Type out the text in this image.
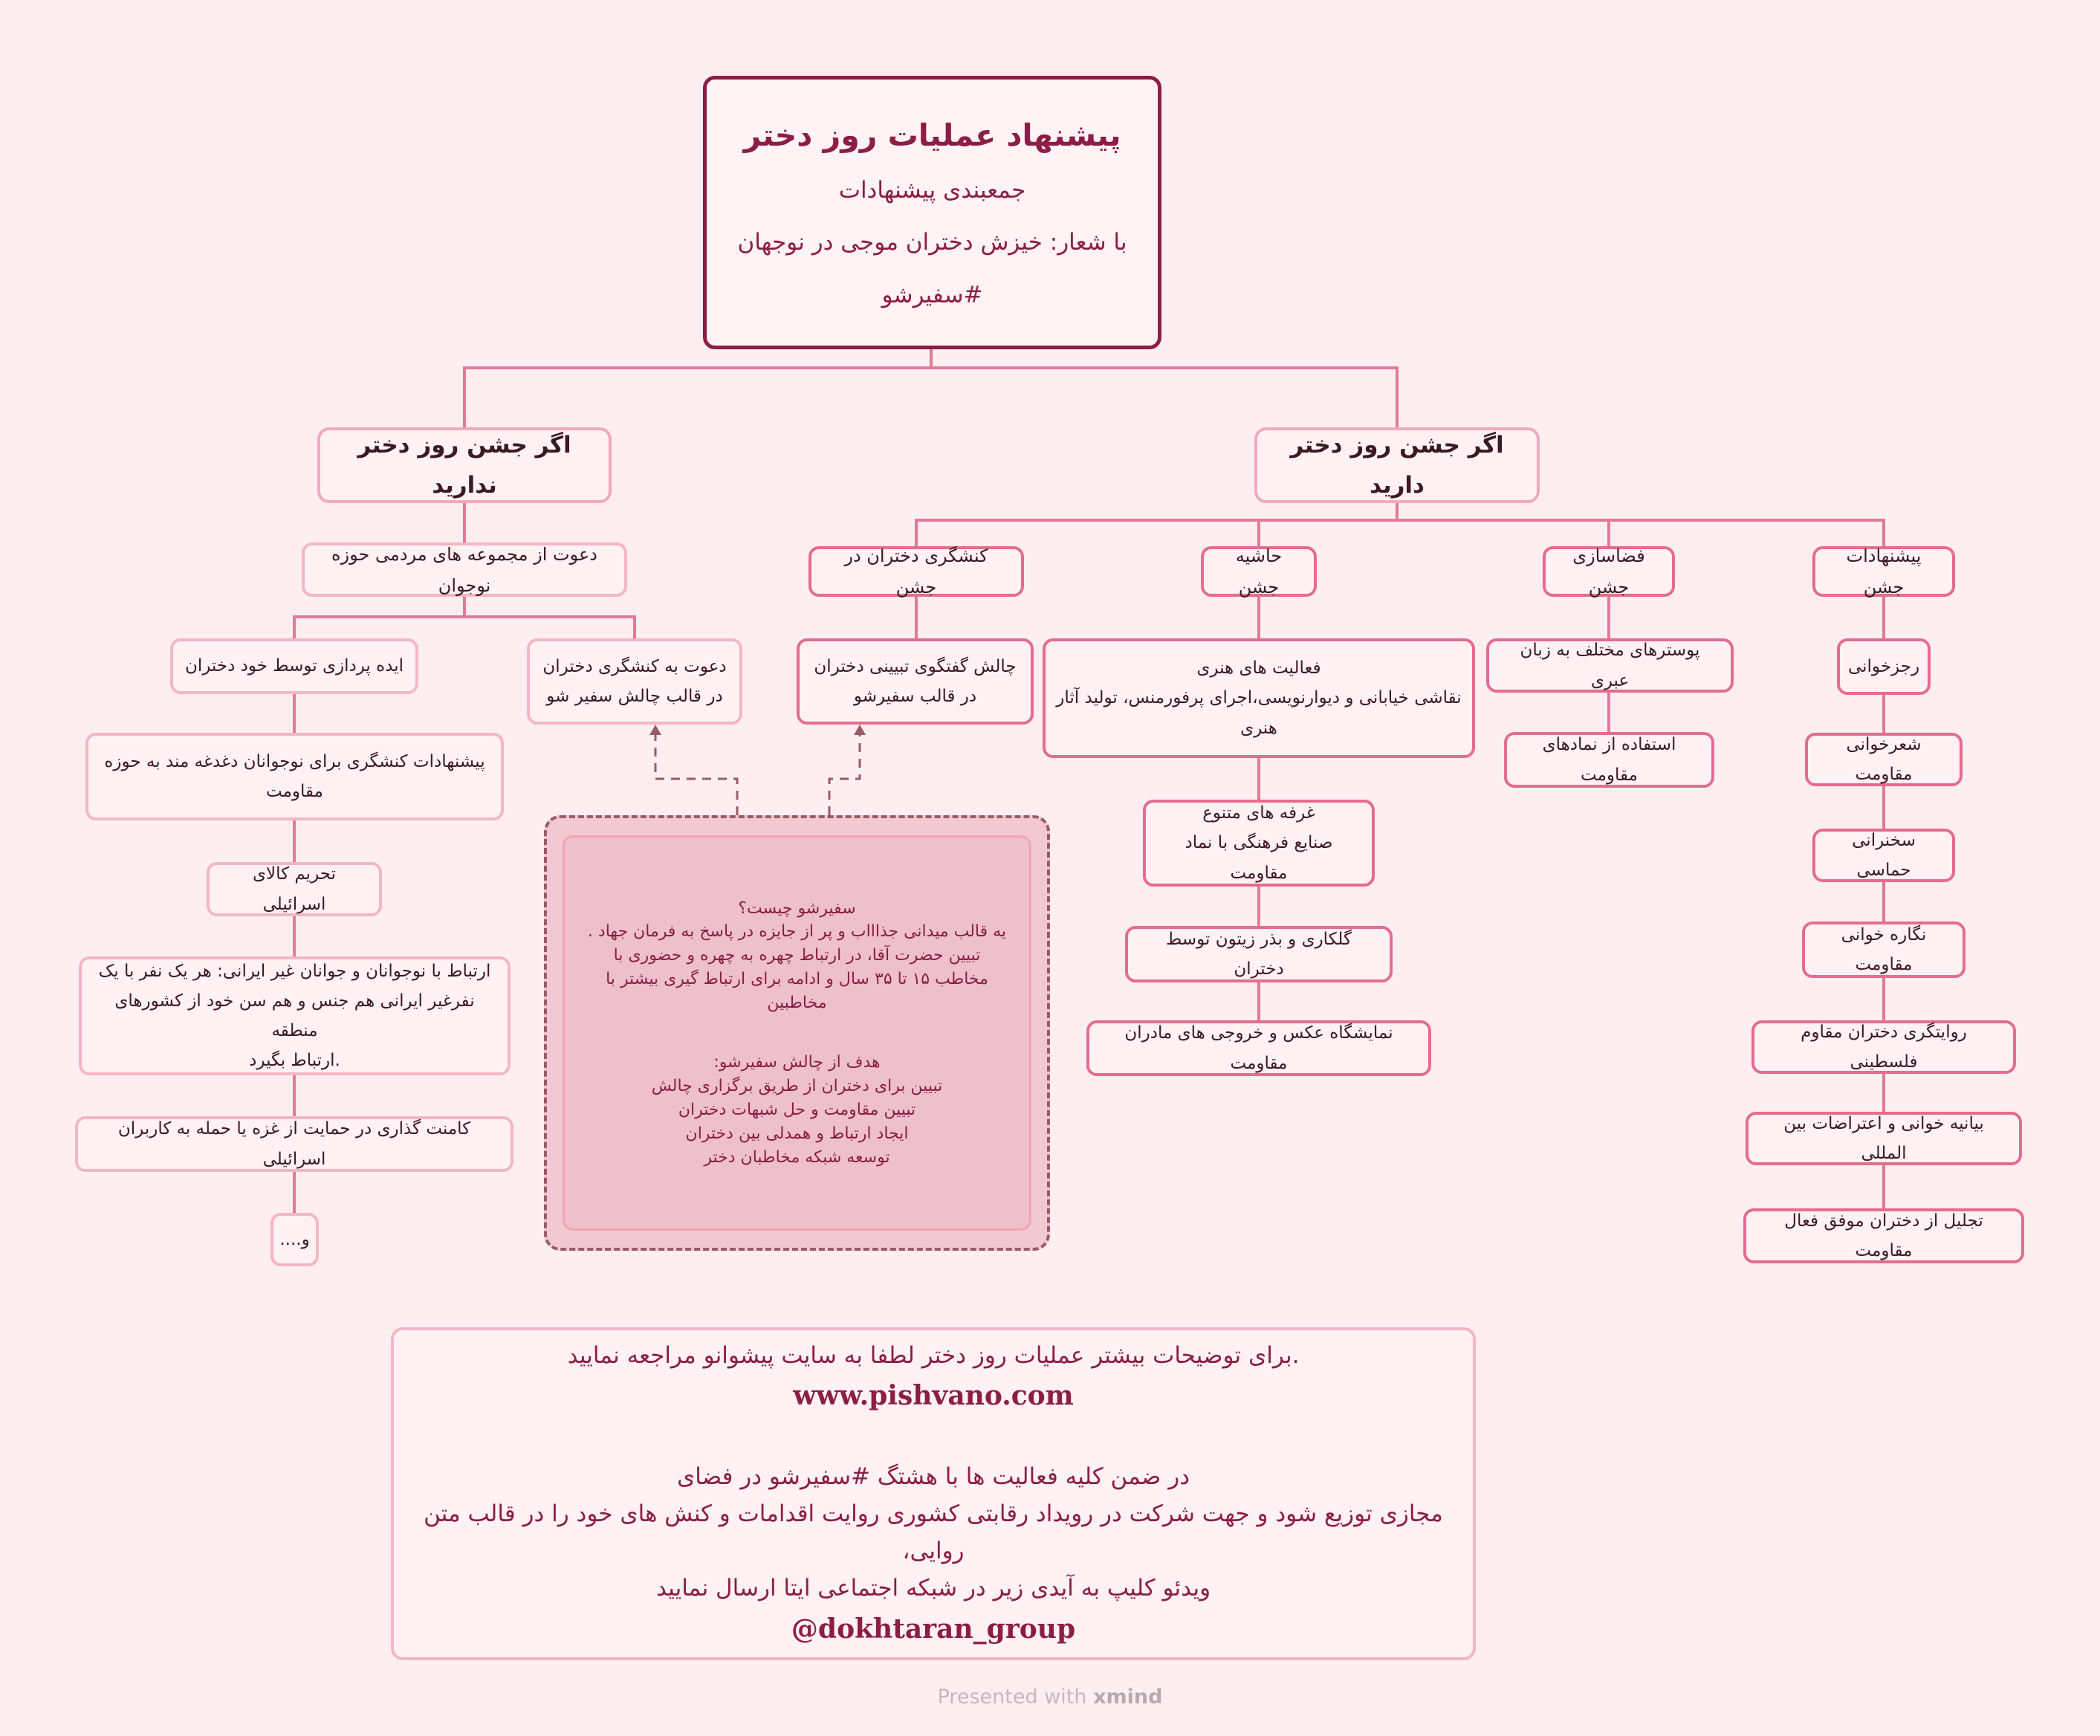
پیشنهاد عملیات روز دختر
جمعبندی پیشنهادات
با شعار: خیزش دختران موجی در نوجهان
#سفیرشو
اگر جشن روز دختر دارید
اگر جشن روز دختر ندارید
پیشنهادات جشن
فضاسازی جشن
حاشیه جشن
کنشگری دختران در جشن
رجزخوانی
شعرخوانی مقاومت
سخنرانی حماسی
نگاره خوانی مقاومت
روایتگری دختران مقاوم فلسطینی
بیانیه خوانی و اعتراضات بین المللی
تجلیل از دختران موفق فعال مقاومت
پوسترهای مختلف به زبان عبری
استفاده از نمادهای مقاومت
فعالیت های هنری
نقاشی خیابانی و دیوارنویسی،اجرای پرفورمنس، تولید آثار
هنری
غرفه های متنوع
صنایع فرهنگی با نماد مقاومت
گلکاری و بذر زیتون توسط دختران
نمایشگاه عکس و خروجی های مادران مقاومت
چالش گفتگوی تبیینی دختران
در قالب سفیرشو
دعوت از مجموعه های مردمی حوزه نوجوان
دعوت به کنشگری دختران
در قالب چالش سفیر شو
ایده پردازی توسط خود دختران
پیشنهادات کنشگری برای نوجوانان دغدغه مند به حوزه
مقاومت
تحریم کالای اسرائیلی
ارتباط با نوجوانان و جوانان غیر ایرانی: هر یک نفر با یک
نفرغیر ایرانی هم جنس و هم سن خود از کشورهای منطقه
.ارتباط بگیرد
کامنت گذاری در حمایت از غزه یا حمله به کاربران اسرائیلی
و....
سفیرشو چیست؟
یه قالب میدانی جذاااب و پر از جایزه در پاسخ به فرمان جهاد .
تبیین حضرت آقا، در ارتباط چهره به چهره و حضوری با
مخاطب ۱۵ تا ۳۵ سال و ادامه برای ارتباط گیری بیشتر با
مخاطبین
هدف از چالش سفیرشو:
تبیین برای دختران از طریق برگزاری چالش
تبیین مقاومت و حل شبهات دختران
ایجاد ارتباط و همدلی بین دختران
توسعه شبکه مخاطبان دختر
.برای توضیحات بیشتر عملیات روز دختر لطفا به سایت پیشوانو مراجعه نمایید
www.pishvano.com
در ضمن کلیه فعالیت ها با هشتگ #سفیرشو در فضای
مجازی توزیع شود و جهت شرکت در رویداد رقابتی کشوری روایت اقدامات و کنش های خود را در قالب متن روایی،
ویدئو کلیپ به آیدی زیر در شبکه اجتماعی ایتا ارسال نمایید
@dokhtaran_group
Presented with xmind
